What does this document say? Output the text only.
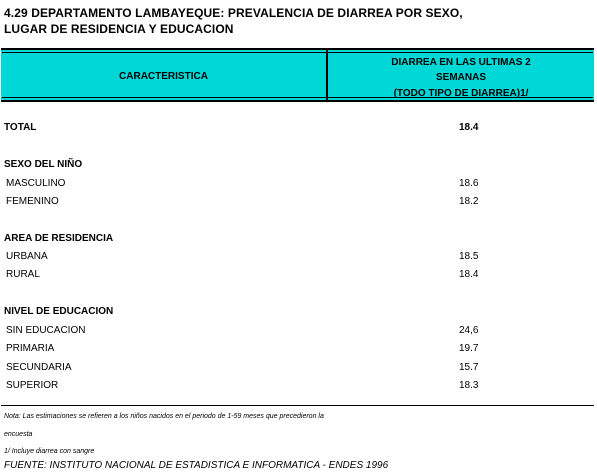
4.29 DEPARTAMENTO LAMBAYEQUE: PREVALENCIA DE DIARREA POR SEXO,
LUGAR DE RESIDENCIA Y EDUCACION
CARACTERISTICA
DIARREA EN LAS ULTIMAS 2
SEMANAS
(TODO TIPO DE DIARREA)1/
TOTAL	18.4
SEXO DEL NIÑO
MASCULINO	18.6
FEMENINO	18.2
AREA DE RESIDENCIA
URBANA	18.5
RURAL	18.4
NIVEL DE EDUCACION
SIN EDUCACION	24,6
PRIMARIA	19.7
SECUNDARIA	15.7
SUPERIOR	18.3
Nota: Las estimaciones se refieren a los niños nacidos en el periodo de 1-59 meses que precedieron la
encuesta
1/ Incluye diarrea con sangre
FUENTE: INSTITUTO NACIONAL DE ESTADISTICA E INFORMATICA - ENDES 1996
